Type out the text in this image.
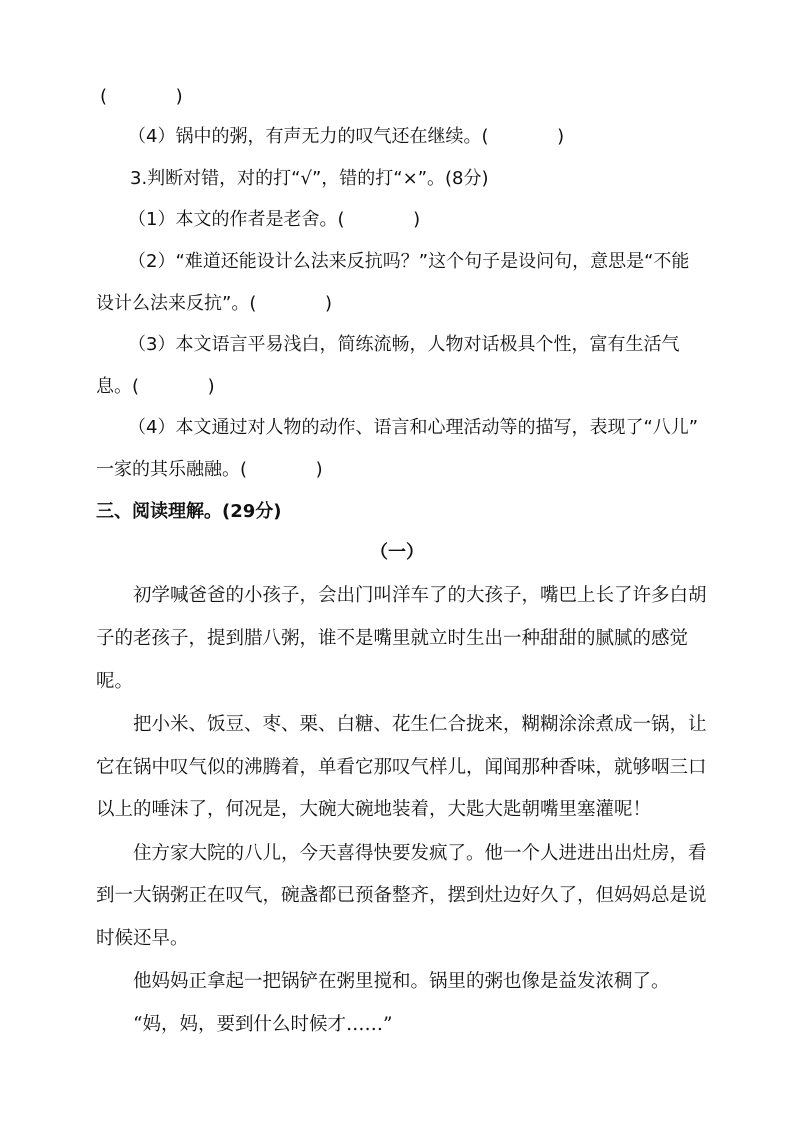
(            )
（4）锅中的粥，有声无力的叹气还在继续。(            )
3.判断对错，对的打“√”，错的打“×”。(8分)
（1）本文的作者是老舍。(            )
（2）“难道还能设计么法来反抗吗？”这个句子是设问句，意思是“不能
设计么法来反抗”。(            )
（3）本文语言平易浅白，简练流畅，人物对话极具个性，富有生活气
息。(            )
（4）本文通过对人物的动作、语言和心理活动等的描写，表现了“八儿”
一家的其乐融融。(            )
三、阅读理解。(29分)
（一）
初学喊爸爸的小孩子，会出门叫洋车了的大孩子，嘴巴上长了许多白胡
子的老孩子，提到腊八粥，谁不是嘴里就立时生出一种甜甜的腻腻的感觉
呢。
把小米、饭豆、枣、栗、白糖、花生仁合拢来，糊糊涂涂煮成一锅，让
它在锅中叹气似的沸腾着，单看它那叹气样儿，闻闻那种香味，就够咽三口
以上的唾沫了，何况是，大碗大碗地装着，大匙大匙朝嘴里塞灌呢！
住方家大院的八儿，今天喜得快要发疯了。他一个人进进出出灶房，看
到一大锅粥正在叹气，碗盏都已预备整齐，摆到灶边好久了，但妈妈总是说
时候还早。
他妈妈正拿起一把锅铲在粥里搅和。锅里的粥也像是益发浓稠了。
“妈，妈，要到什么时候才……”
